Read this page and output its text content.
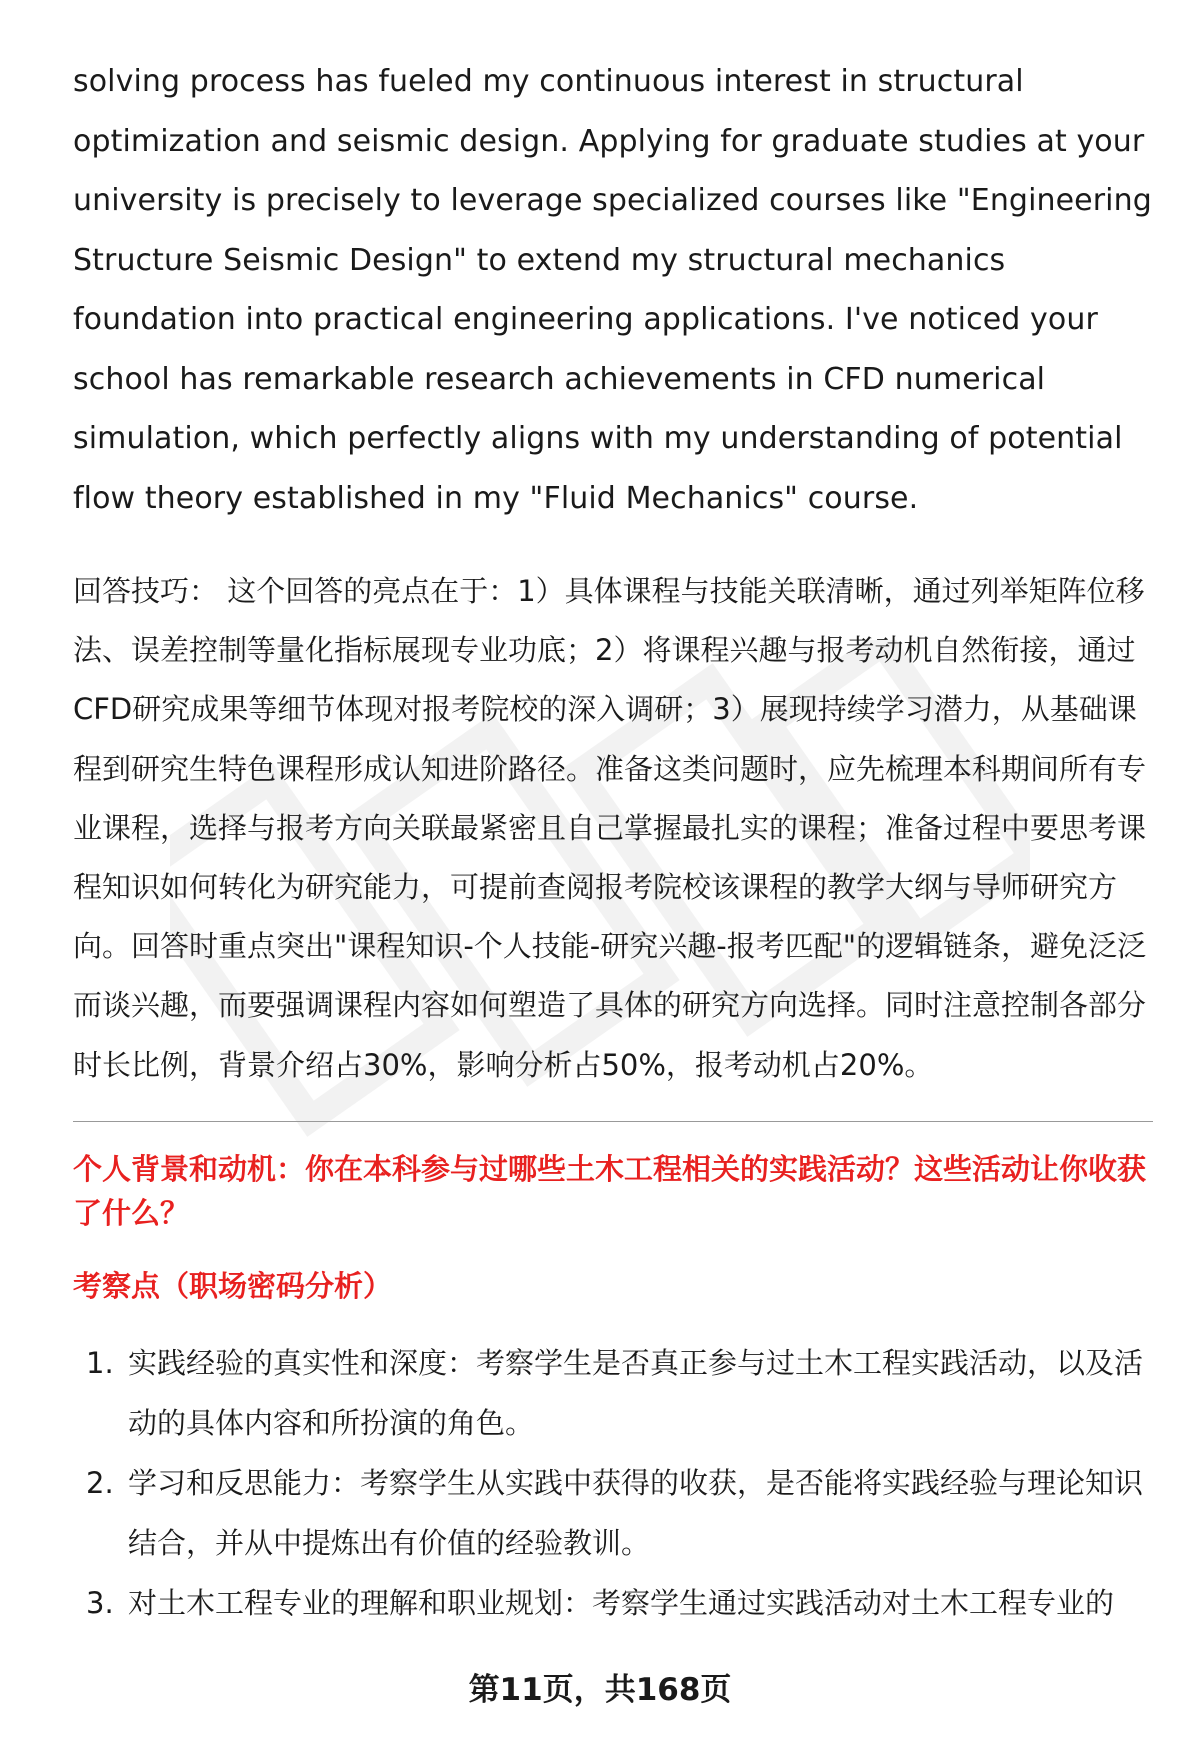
solving process has fueled my continuous interest in structural optimization and seismic design. Applying for graduate studies at your university is precisely to leverage specialized courses like "Engineering Structure Seismic Design" to extend my structural mechanics foundation into practical engineering applications. I've noticed your school has remarkable research achievements in CFD numerical simulation, which perfectly aligns with my understanding of potential flow theory established in my "Fluid Mechanics" course.

回答技巧： 这个回答的亮点在于：1）具体课程与技能关联清晰，通过列举矩阵位移法、误差控制等量化指标展现专业功底；2）将课程兴趣与报考动机自然衔接，通过CFD研究成果等细节体现对报考院校的深入调研；3）展现持续学习潜力，从基础课程到研究生特色课程形成认知进阶路径。准备这类问题时，应先梳理本科期间所有专业课程，选择与报考方向关联最紧密且自己掌握最扎实的课程；准备过程中要思考课程知识如何转化为研究能力，可提前查阅报考院校该课程的教学大纲与导师研究方向。回答时重点突出"课程知识-个人技能-研究兴趣-报考匹配"的逻辑链条，避免泛泛而谈兴趣，而要强调课程内容如何塑造了具体的研究方向选择。同时注意控制各部分时长比例，背景介绍占30%，影响分析占50%，报考动机占20%。

个人背景和动机：你在本科参与过哪些土木工程相关的实践活动？这些活动让你收获了什么？

考察点（职场密码分析）

1. 实践经验的真实性和深度：考察学生是否真正参与过土木工程实践活动，以及活动的具体内容和所扮演的角色。
2. 学习和反思能力：考察学生从实践中获得的收获，是否能将实践经验与理论知识结合，并从中提炼出有价值的经验教训。
3. 对土木工程专业的理解和职业规划：考察学生通过实践活动对土木工程专业的
第11页，共168页
